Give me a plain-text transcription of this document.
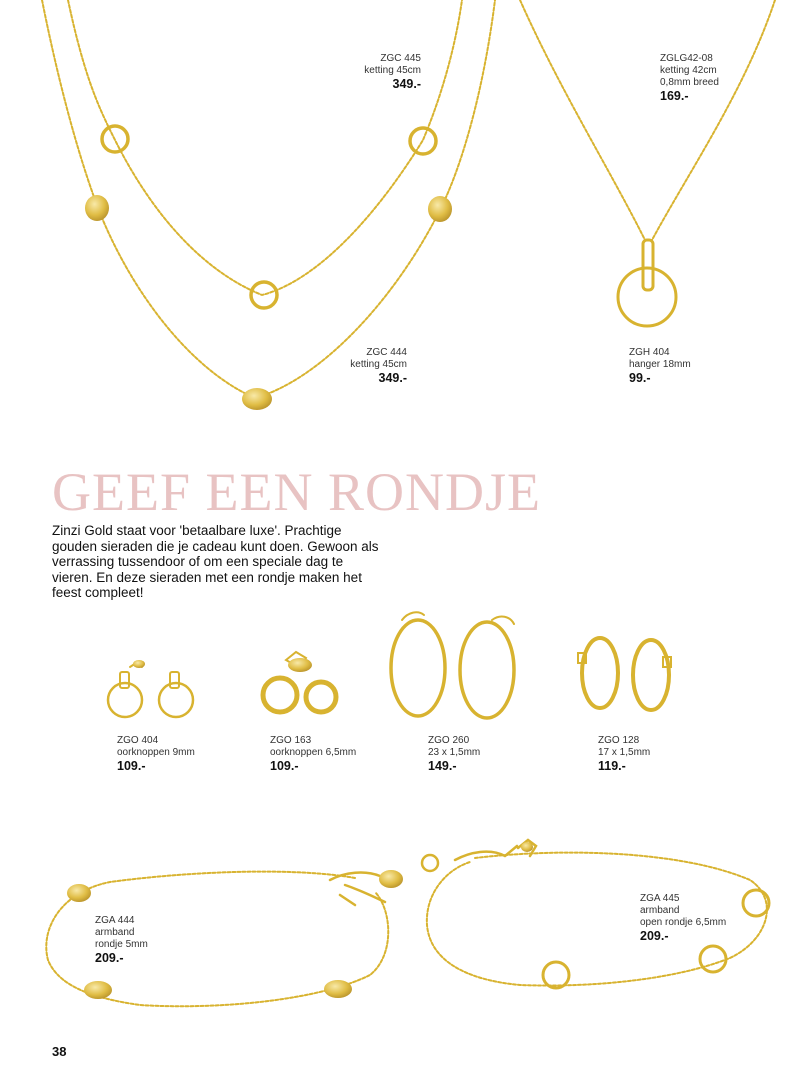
ZGC 445
ketting 45cm
349.-
ZGLG42-08
ketting 42cm
0,8mm breed
169.-
ZGC 444
ketting 45cm
349.-
ZGH 404
hanger 18mm
99.-
GEEF EEN RONDJE
Zinzi Gold staat voor 'betaalbare luxe'. Prachtige gouden sieraden die je cadeau kunt doen. Gewoon als verrassing tussendoor of om een speciale dag te vieren. En deze sieraden met een rondje maken het feest compleet!
ZGO 404
oorknoppen 9mm
109.-
ZGO 163
oorknoppen 6,5mm
109.-
ZGO 260
23 x 1,5mm
149.-
ZGO 128
17 x 1,5mm
119.-
ZGA 444
armband
rondje 5mm
209.-
ZGA 445
armband
open rondje 6,5mm
209.-
38
